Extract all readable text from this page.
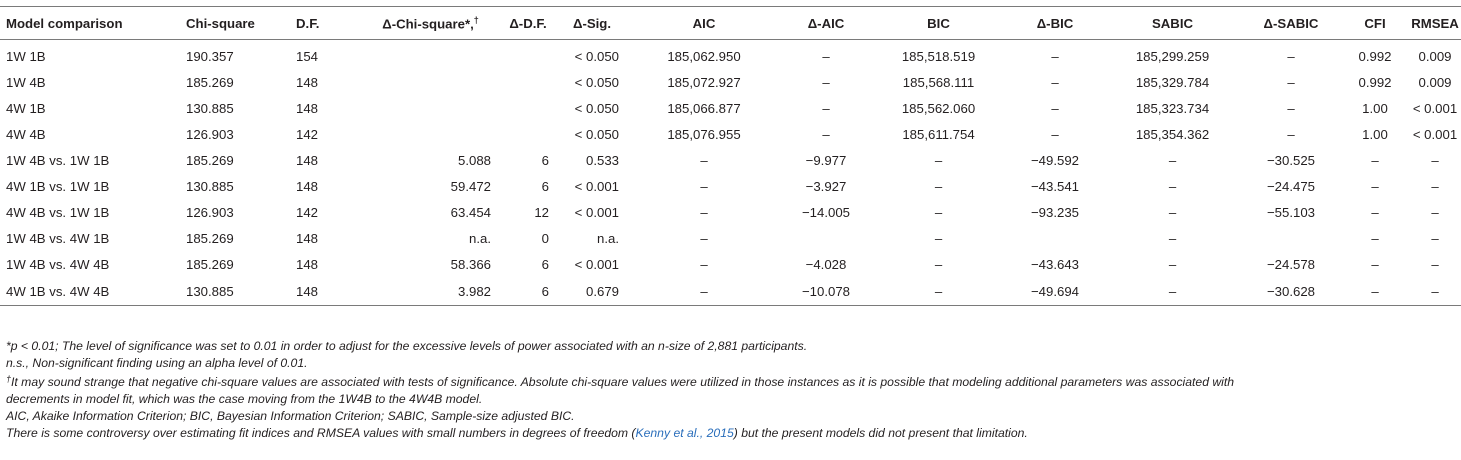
Model comparison	Chi-square	D.F.	Δ-Chi-square*,†	Δ-D.F.	Δ-Sig.	AIC	Δ-AIC	BIC	Δ-BIC	SABIC	Δ-SABIC	CFI	RMSEA
1W 1B	190.357	154			< 0.050	185,062.950	–	185,518.519	–	185,299.259	–	0.992	0.009
1W 4B	185.269	148			< 0.050	185,072.927	–	185,568.111	–	185,329.784	–	0.992	0.009
4W 1B	130.885	148			< 0.050	185,066.877	–	185,562.060	–	185,323.734	–	1.00	< 0.001
4W 4B	126.903	142			< 0.050	185,076.955	–	185,611.754	–	185,354.362	–	1.00	< 0.001
1W 4B vs. 1W 1B	185.269	148	5.088	6	0.533	–	−9.977	–	−49.592	–	−30.525	–	–
4W 1B vs. 1W 1B	130.885	148	59.472	6	< 0.001	–	−3.927	–	−43.541	–	−24.475	–	–
4W 4B vs. 1W 1B	126.903	142	63.454	12	< 0.001	–	−14.005	–	−93.235	–	−55.103	–	–
1W 4B vs. 4W 1B	185.269	148	n.a.	0	n.a.	–		–		–		–	–
1W 4B vs. 4W 4B	185.269	148	58.366	6	< 0.001	–	−4.028	–	−43.643	–	−24.578	–	–
4W 1B vs. 4W 4B	130.885	148	3.982	6	0.679	–	−10.078	–	−49.694	–	−30.628	–	–

*p < 0.01; The level of significance was set to 0.01 in order to adjust for the excessive levels of power associated with an n-size of 2,881 participants.

n.s., Non-significant finding using an alpha level of 0.01.

†It may sound strange that negative chi-square values are associated with tests of significance. Absolute chi-square values were utilized in those instances as it is possible that modeling additional parameters was associated with

decrements in model fit, which was the case moving from the 1W4B to the 4W4B model.

AIC, Akaike Information Criterion; BIC, Bayesian Information Criterion; SABIC, Sample-size adjusted BIC.

There is some controversy over estimating fit indices and RMSEA values with small numbers in degrees of freedom (Kenny et al., 2015) but the present models did not present that limitation.
